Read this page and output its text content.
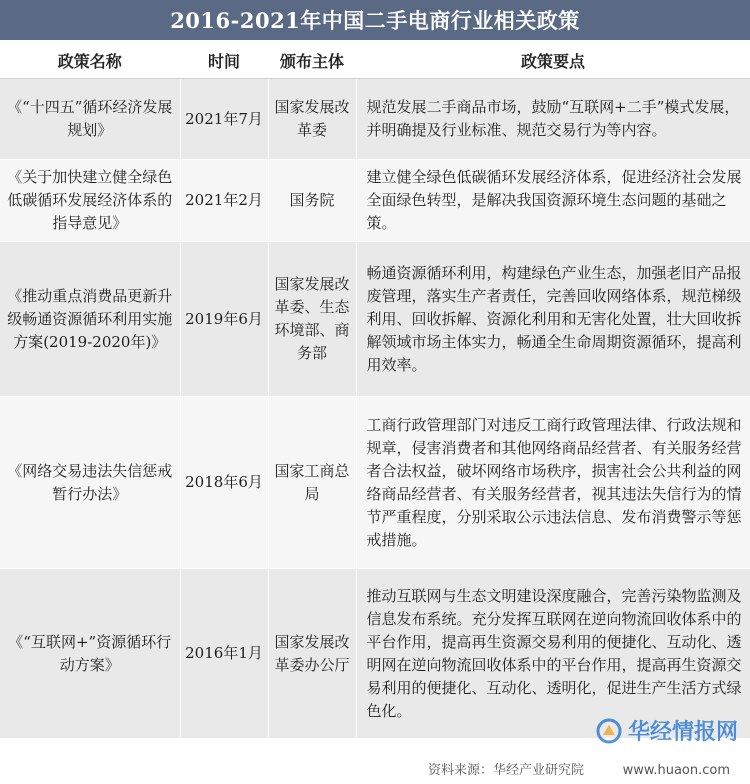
2016-2021年中国二手电商行业相关政策
政策名称	时间	颁布主体	政策要点
《“十四五”循环经济发展规划》	2021年7月	国家发展改革委	规范发展二手商品市场，鼓励“互联网+二手”模式发展，并明确提及行业标准、规范交易行为等内容。
《关于加快建立健全绿色低碳循环发展经济体系的指导意见》	2021年2月	国务院	建立健全绿色低碳循环发展经济体系，促进经济社会发展全面绿色转型，是解决我国资源环境生态问题的基础之策。
《推动重点消费品更新升级畅通资源循环利用实施方案(2019-2020年)》	2019年6月	国家发展改革委、生态环境部、商务部	畅通资源循环利用，构建绿色产业生态，加强老旧产品报废管理，落实生产者责任，完善回收网络体系，规范梯级利用、回收拆解、资源化利用和无害化处置，壮大回收拆解领域市场主体实力，畅通全生命周期资源循环，提高利用效率。
《网络交易违法失信惩戒暂行办法》	2018年6月	国家工商总局	工商行政管理部门对违反工商行政管理法律、行政法规和规章，侵害消费者和其他网络商品经营者、有关服务经营者合法权益，破坏网络市场秩序，损害社会公共利益的网络商品经营者、有关服务经营者，视其违法失信行为的情节严重程度，分别采取公示违法信息、发布消费警示等惩戒措施。
《“互联网+”资源循环行动方案》	2016年1月	国家发展改革委办公厅	推动互联网与生态文明建设深度融合，完善污染物监测及信息发布系统。充分发挥互联网在逆向物流回收体系中的平台作用，提高再生资源交易利用的便捷化、互动化、透明网在逆向物流回收体系中的平台作用，提高再生资源交易利用的便捷化、互动化、透明化，促进生产生活方式绿色化。
华经情报网
资料来源：华经产业研究院	www.huaon.com
